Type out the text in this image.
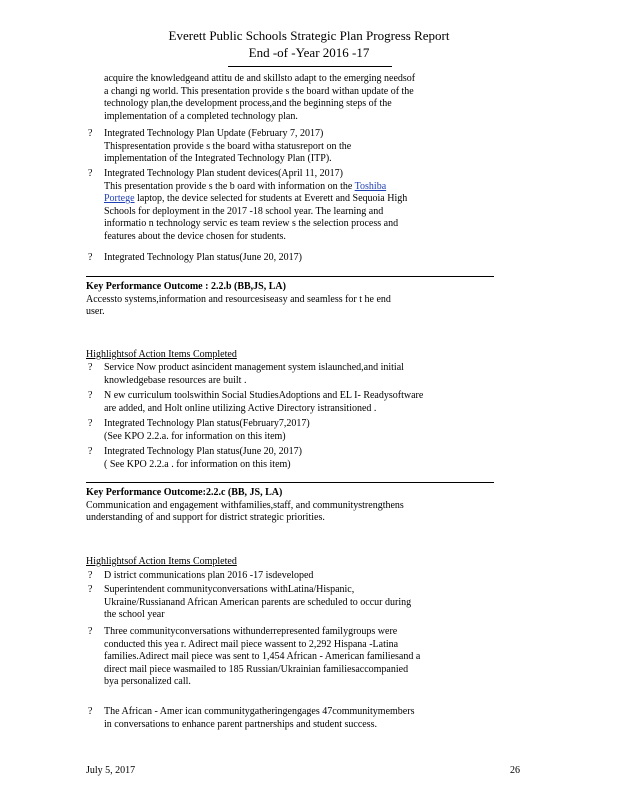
Everett Public Schools Strategic Plan Progress Report
End -of -Year 2016 -17
acquire the knowledgeand attitu de and skillsto adapt to the emerging needsof
a changi ng world. This presentation provide s the board withan update of the
technology plan,the development process,and the beginning steps of the
implementation of a completed technology plan.
? Integrated Technology Plan Update (February 7, 2017)
Thispresentation provide s the board witha statusreport on the
implementation of the Integrated Technology Plan (ITP).
? Integrated Technology Plan student devices(April 11, 2017)
This presentation provide s the b oard with information on the Toshiba
Portege laptop, the device selected for students at Everett and Sequoia High
Schools for deployment in the 2017 -18 school year. The learning and
informatio n technology servic es team review s the selection process and
features about the device chosen for students.
? Integrated Technology Plan status(June 20, 2017)
Key Performance Outcome : 2.2.b (BB,JS, LA)
Accessto systems,information and resourcesiseasy and seamless for t he end
user.
Highlightsof Action Items Completed
? Service Now product asincident management system islaunched,and initial
knowledgebase resources are built .
? N ew curriculum toolswithin Social StudiesAdoptions and EL I- Readysoftware
are added, and Holt online utilizing Active Directory istransitioned .
? Integrated Technology Plan status(February7,2017)
(See KPO 2.2.a. for information on this item)
? Integrated Technology Plan status(June 20, 2017)
( See KPO 2.2.a . for information on this item)
Key Performance Outcome:2.2.c (BB, JS, LA)
Communication and engagement withfamilies,staff, and communitystrengthens
understanding of and support for district strategic priorities.
Highlightsof Action Items Completed
? D istrict communications plan 2016 -17 isdeveloped
? Superintendent communityconversations withLatina/Hispanic,
Ukraine/Russianand African American parents are scheduled to occur during
the school year
? Three communityconversations withunderrepresented familygroups were
conducted this yea r. Adirect mail piece wassent to 2,292 Hispana -Latina
families.Adirect mail piece was sent to 1,454 African - American familiesand a
direct mail piece wasmailed to 185 Russian/Ukrainian familiesaccompanied
bya personalized call.
? The African - Amer ican communitygatheringengages 47communitymembers
in conversations to enhance parent partnerships and student success.
July 5, 2017	26
